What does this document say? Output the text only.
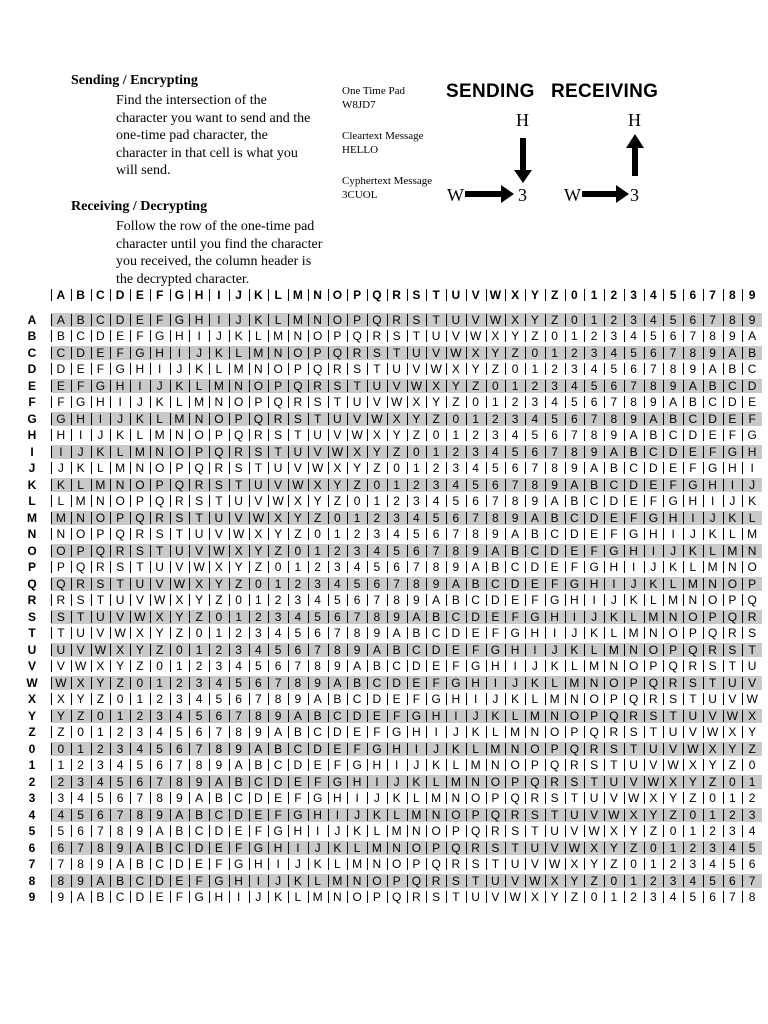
Sending / Encrypting
Find the intersection of the
character you want to send and the
one-time pad character, the
character in that cell is what you
will send.
Receiving / Decrypting
Follow the row of the one-time pad
character until you find the character
you received, the column header is
the decrypted character.
One Time Pad
W8JD7
Cleartext Message
HELLO
Cyphertext Message
3CUOL
SENDING RECEIVING
H
W	3
H
W	3
A B C D E	F G H	I	J	K L M N O P Q R S	T U V W X Y	Z	0	1	2	3	4	5	6	7	8	9
A	A B C D E	F G H	I	J	K	L M N O P Q R S	T U V W X Y	Z	0	1	2	3	4	5	6	7	8	9
B	B C D E	F G H	I	J	K	L M N O P Q R S	T U V W X Y	Z	0	1	2	3	4	5	6	7	8	9	A
C	C D E	F G H	I	J	K	L M N O P Q R S	T U V W X Y	Z	0	1	2	3	4	5	6	7	8	9	A B
D	D E	F G H	I	J	K	L M N O P Q R S	T U V W X Y	Z	0	1	2	3	4	5	6	7	8	9	A B C
E	E	F G H	I	J	K	L M N O P Q R S	T U V W X Y	Z	0	1	2	3	4	5	6	7	8	9	A B C D
F	F G H	I	J	K	L M N O P Q R S	T U V W X Y	Z	0	1	2	3	4	5	6	7	8	9	A B C D E
G	G H	I	J	K	L M N O P Q R S	T U V W X Y	Z	0	1	2	3	4	5	6	7	8	9	A B C D E	F
H	H	I	J	K	L M N O P Q R S	T U V W X Y	Z	0	1	2	3	4	5	6	7	8	9	A B C D E	F G
I	I	J	K	L M N O P Q R S	T U V W X Y	Z	0	1	2	3	4	5	6	7	8	9	A B C D E	F G H
J	J	K	L M N O P Q R S	T U V W X Y	Z	0	1	2	3	4	5	6	7	8	9	A B C D E	F G H	I
K	K	L M N O P Q R S	T U V W X Y	Z	0	1	2	3	4	5	6	7	8	9	A B C D E	F G H	I	J
L	L M N O P Q R S	T U V W X Y	Z	0	1	2	3	4	5	6	7	8	9	A B C D E	F G H	I	J	K
M	M N O P Q R S	T U V W X Y	Z	0	1	2	3	4	5	6	7	8	9	A B C D E	F G H	I	J	K	L
N	N O P Q R S	T U V W X Y	Z	0	1	2	3	4	5	6	7	8	9	A B C D E	F G H	I	J	K	L M
O	O P Q R S	T U V W X Y	Z	0	1	2	3	4	5	6	7	8	9	A B C D E	F G H	I	J	K	L M N
P	P Q R S	T U V W X Y	Z	0	1	2	3	4	5	6	7	8	9	A B C D E	F G H	I	J	K	L M N O
Q	Q R S	T U V W X Y	Z	0	1	2	3	4	5	6	7	8	9	A B C D E	F G H	I	J	K	L M N O P
R	R S	T U V W X Y	Z	0	1	2	3	4	5	6	7	8	9	A B C D E	F G H	I	J	K	L M N O P Q
S	S	T U V W X Y	Z	0	1	2	3	4	5	6	7	8	9	A B C D E	F G H	I	J	K	L M N O P Q R
T	T U V W X Y	Z	0	1	2	3	4	5	6	7	8	9	A B C D E	F G H	I	J	K	L M N O P Q R S
U	U V W X Y	Z	0	1	2	3	4	5	6	7	8	9	A B C D E	F G H	I	J	K	L M N O P Q R S	T
V	V W X Y	Z	0	1	2	3	4	5	6	7	8	9	A B C D E	F G H	I	J	K	L M N O P Q R S	T U
W	W X Y	Z	0	1	2	3	4	5	6	7	8	9	A B C D E	F G H	I	J	K	L M N O P Q R S	T U V
X	X Y	Z	0	1	2	3	4	5	6	7	8	9	A B C D E	F G H	I	J	K	L M N O P Q R S	T U V W
Y	Y	Z	0	1	2	3	4	5	6	7	8	9	A B C D E	F G H	I	J	K	L M N O P Q R S	T U V W X
Z	Z	0	1	2	3	4	5	6	7	8	9	A B C D E	F G H	I	J	K	L M N O P Q R S	T U V W X Y
0	0	1	2	3	4	5	6	7	8	9	A B C D E	F G H	I	J	K	L M N O P Q R S	T U V W X Y	Z
1	1	2	3	4	5	6	7	8	9	A B C D E	F G H	I	J	K	L M N O P Q R S	T U V W X Y	Z	0
2	2	3	4	5	6	7	8	9	A B C D E	F G H	I	J	K	L M N O P Q R S	T U V W X Y	Z	0	1
3	3	4	5	6	7	8	9	A B C D E	F G H	I	J	K	L M N O P Q R S	T U V W X Y	Z	0	1	2
4	4	5	6	7	8	9	A B C D E	F G H	I	J	K	L M N O P Q R S	T U V W X Y	Z	0	1	2	3
5	5	6	7	8	9	A B C D E	F G H	I	J	K	L M N O P Q R S	T U V W X Y	Z	0	1	2	3	4
6	6	7	8	9	A B C D E	F G H	I	J	K	L M N O P Q R S	T U V W X Y	Z	0	1	2	3	4	5
7	7	8	9	A B C D E	F G H	I	J	K	L M N O P Q R S	T U V W X Y	Z	0	1	2	3	4	5	6
8	8	9	A B C D E	F G H	I	J	K	L M N O P Q R S	T U V W X Y	Z	0	1	2	3	4	5	6	7
9	9	A B C D E	F G H	I	J	K	L M N O P Q R S	T U V W X Y	Z	0	1	2	3	4	5	6	7	8
